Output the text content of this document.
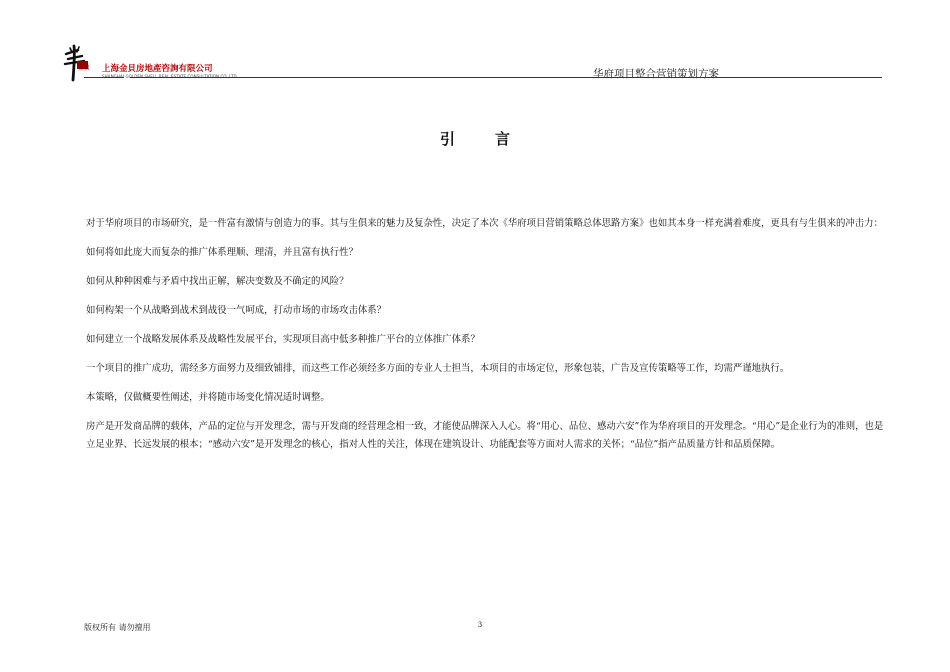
金貝 上海金貝房地產咨詢有限公司
SHANGHAI GOLDEN SHELL REAL ESTATE CONSULTATION CO.,LTD.	华府项目整合营销策划方案
引言

对于华府项目的市场研究，是一件富有激情与创造力的事。其与生俱来的魅力及复杂性，决定了本次《华府项目营销策略总体思路方案》也如其本身一样充满着难度，更具有与生俱来的冲击力：

如何将如此庞大而复杂的推广体系理顺、理清，并且富有执行性？

如何从种种困难与矛盾中找出正解，解决变数及不确定的风险？

如何构架一个从战略到战术到战役一气呵成，打动市场的市场攻击体系？

如何建立一个战略发展体系及战略性发展平台，实现项目高中低多种推广平台的立体推广体系？

一个项目的推广成功，需经多方面努力及细致铺排，而这些工作必须经多方面的专业人士担当，本项目的市场定位，形象包装，广告及宣传策略等工作，均需严谨地执行。

本策略，仅做概要性阐述，并将随市场变化情况适时调整。

房产是开发商品牌的载体，产品的定位与开发理念，需与开发商的经营理念相一致，才能使品牌深入人心。将“用心、品位、感动六安”作为华府项目的开发理念。“用心”是企业行为的准则，也是立足业界、长远发展的根本；“感动六安”是开发理念的核心，指对人性的关注，体现在建筑设计、功能配套等方面对人需求的关怀；“品位”指产品质量方针和品质保障。

版权所有 请勿擅用	3
